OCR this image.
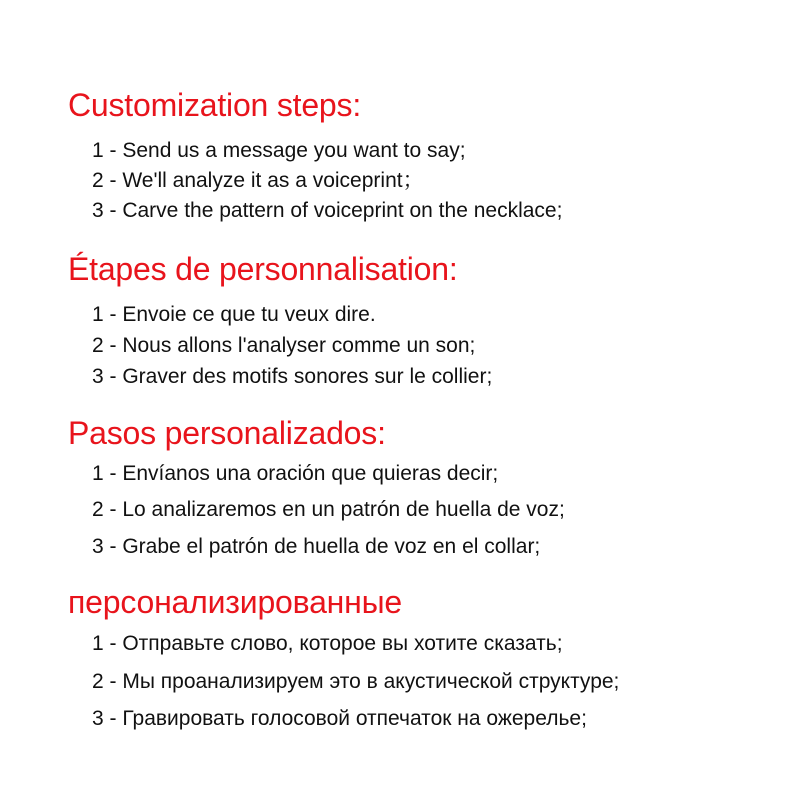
Customization steps:
1 - Send us a message you want to say;
2 - We'll analyze it as a voiceprint；
3 - Carve the pattern of voiceprint on the necklace;
Étapes de personnalisation:
1 - Envoie ce que tu veux dire.
2 - Nous allons l'analyser comme un son;
3 - Graver des motifs sonores sur le collier;
Pasos personalizados:
1 - Envíanos una oración que quieras decir;
2 - Lo analizaremos en un patrón de huella de voz;
3 - Grabe el patrón de huella de voz en el collar;
персонализированные
1 - Отправьте слово, которое вы хотите сказать;
2 - Мы проанализируем это в акустической структуре;
3 - Гравировать голосовой отпечаток на ожерелье;
